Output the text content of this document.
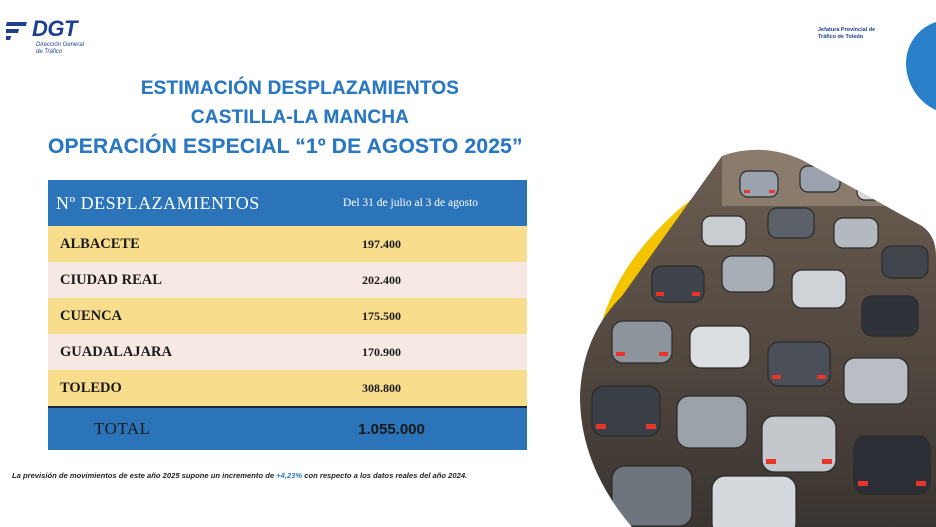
DGT
Dirección General
de Tráfico
Jefatura Provincial de
Tráfico de Toledo
ESTIMACIÓN DESPLAZAMIENTOS
CASTILLA-LA MANCHA
OPERACIÓN ESPECIAL “1º DE AGOSTO 2025”
Nº DESPLAZAMIENTOS	Del 31 de julio al 3 de agosto
ALBACETE	197.400
CIUDAD REAL	202.400
CUENCA	175.500
GUADALAJARA	170.900
TOLEDO	308.800
TOTAL	1.055.000
La previsión de movimientos de este año 2025 supone un incremento de +4,23% con respecto a los datos reales del año 2024.
